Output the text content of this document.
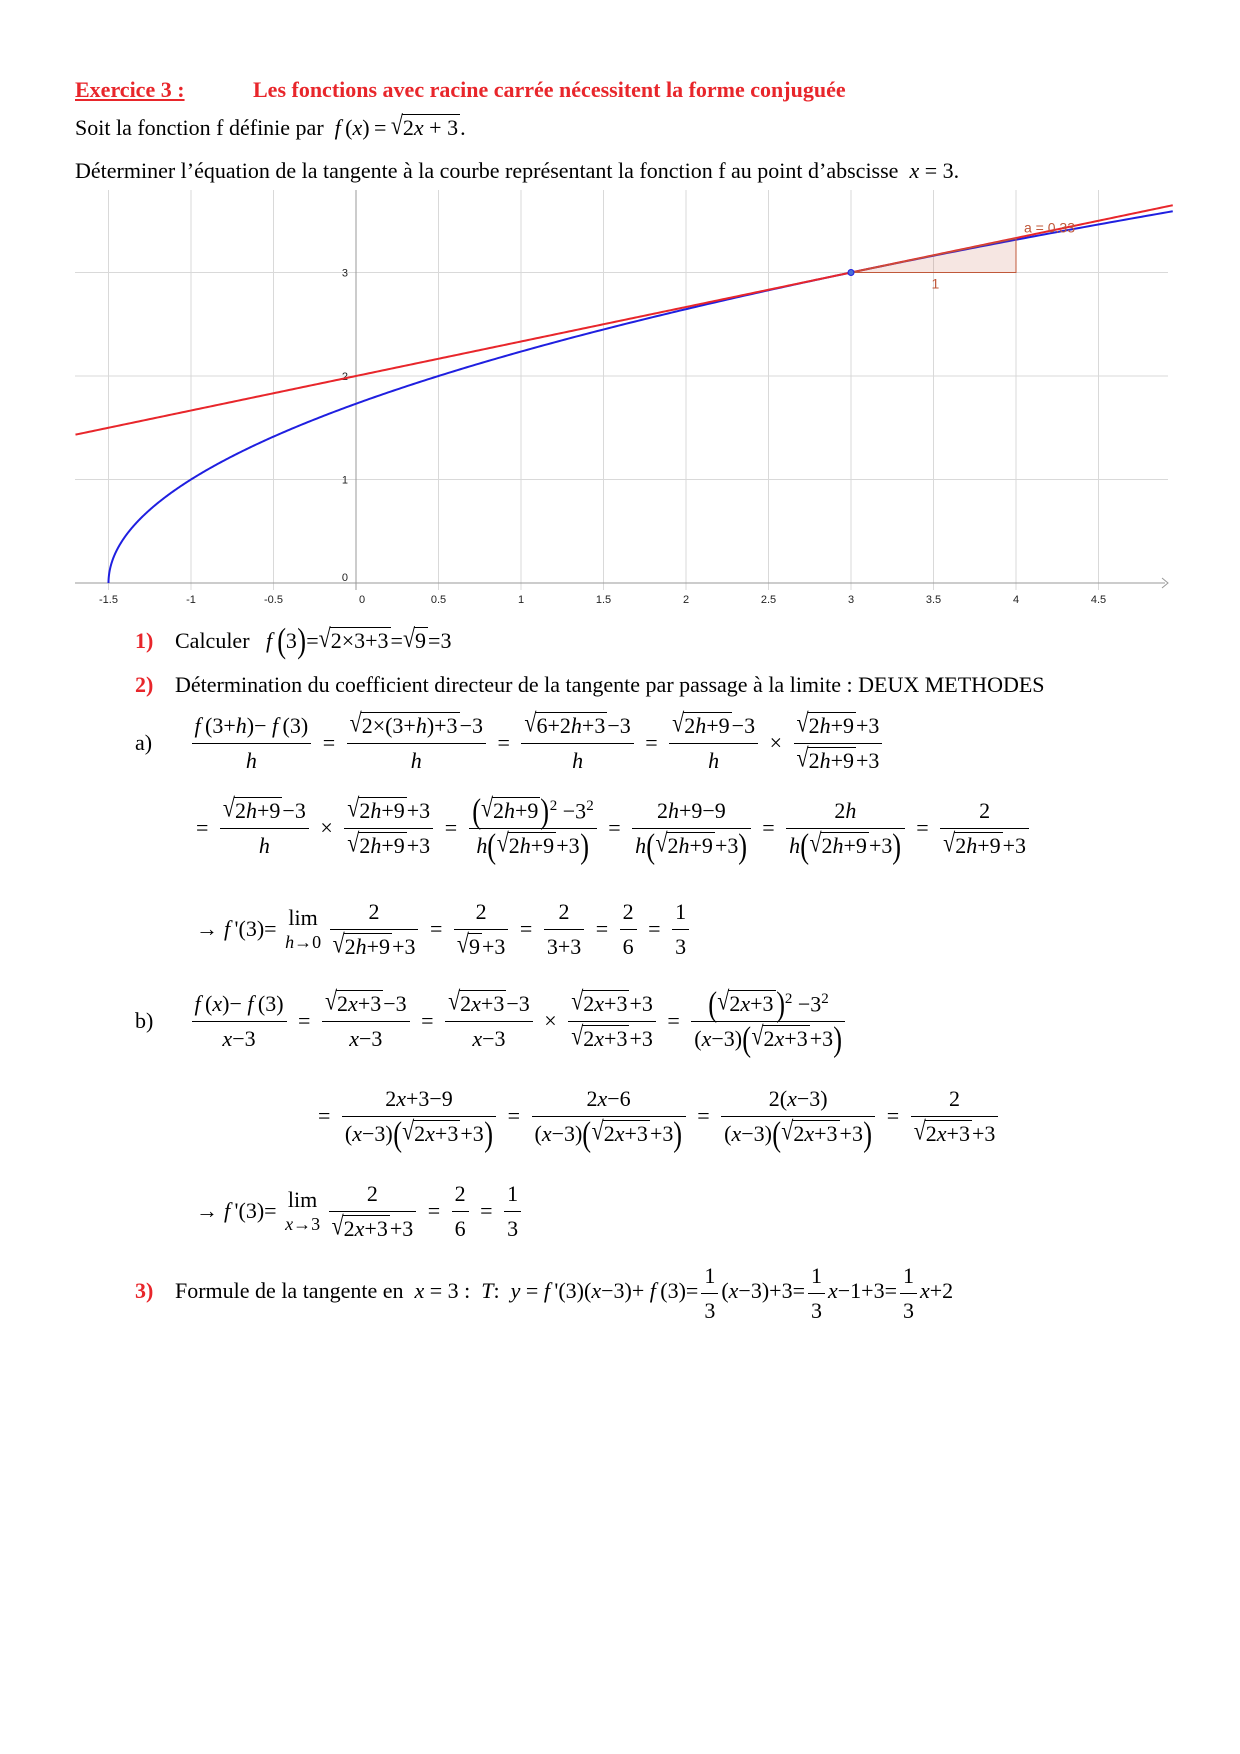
Exercice 3 :	Les fonctions avec racine carrée nécessitent la forme conjuguée
Soit la fonction f définie par f (x) = √2x + 3.
Déterminer l’équation de la tangente à la courbe représentant la fonction f au point d’abscisse x = 3.
-1.5	-1	-0.5	0	0.5	1	1.5	2	2.5	3	3.5	4	4.5
0
1
2
3
1
a = 0.33
1) Calculer f  (3)=√2×3+3=√9=3
2) Détermination du coefficient directeur de la tangente par passage à la limite : DEUX METHODES
$a) \frac{f (3+h)- f (3)}{h} = \frac{√2\times(3+h)+3-3}{h} = \frac{√6+2h+3-3}{h} = \frac{√2h+9-3}{h} \times \frac{√2h+9+3}{√2h+9+3}$
= $\frac{√2h+9-3}{h} \times \frac{√2h+9+3}{√2h+9+3} = \frac{(√2h+9 )^2 -3^2}{h(√2h+9+3)} = \frac{2h+9-9}{h(√2h+9+3)} = \frac{2h}{h(√2h+9+3)} = \frac{2}{√2h+9+3}$
→ f '(3)= lim
h→0
$\frac{2}{√2h+9+3} = \frac{2}{√9+3} = \frac{2}{3+3} = \frac{2}{6} = \frac{1}{3}$
$b) \frac{f (x)- f (3)}{x-3} = \frac{√2x+3-3}{x-3} = \frac{√2x+3-3}{x-3} \times \frac{√2x+3+3}{√2x+3+3} = \frac{(√2x+3 )^2 -3^2}{(x-3)(√2x+3+3)}$
= $\frac{2x+3-9}{(x-3)(√2x+3+3)} = \frac{2x-6}{(x-3)(√2x+3+3)} = \frac{2(x-3)}{(x-3)(√2x+3+3)} = \frac{2}{√2x+3+3}$
→ f '(3)= lim
x→3
$\frac{2}{√2x+3+3} = \frac{2}{6} = \frac{1}{3}$
3) Formule de la tangente en x = 3 :  T:  y = f '(3)(x−3)+ f $(3)= \frac{1}{3} (x-3)+3= \frac{1}{3} x-1+3= \frac{1}{3} x+2$
